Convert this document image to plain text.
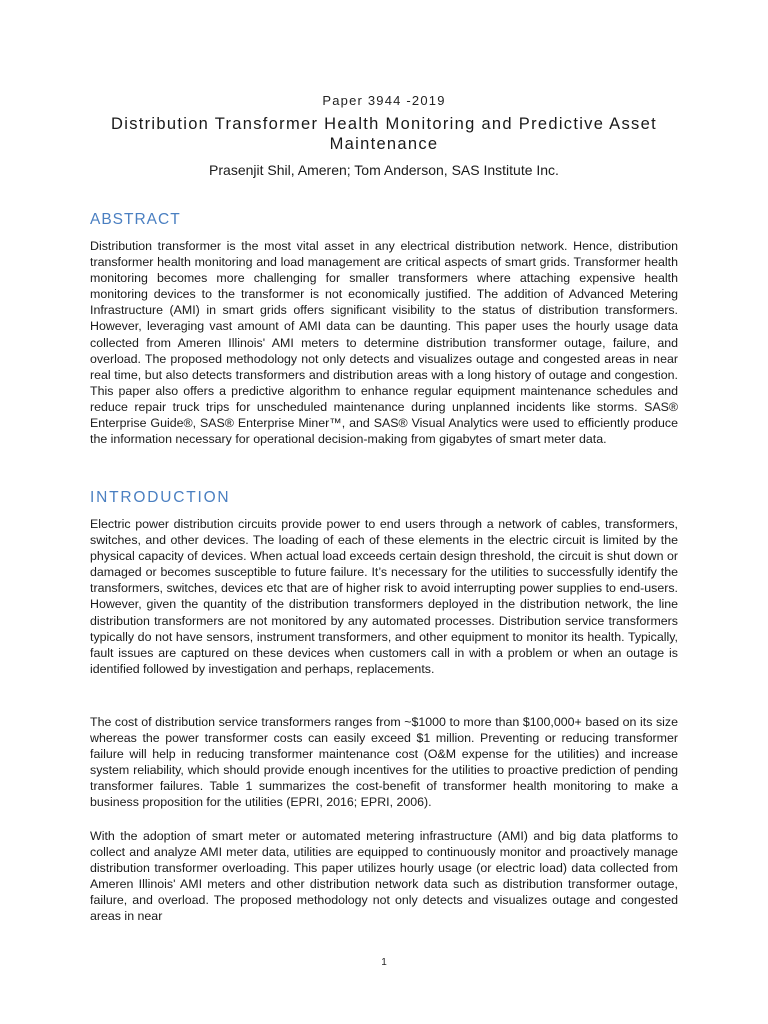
Paper 3944 -2019
Distribution Transformer Health Monitoring and Predictive Asset Maintenance
Prasenjit Shil, Ameren; Tom Anderson, SAS Institute Inc.
ABSTRACT
Distribution transformer is the most vital asset in any electrical distribution network. Hence, distribution transformer health monitoring and load management are critical aspects of smart grids. Transformer health monitoring becomes more challenging for smaller transformers where attaching expensive health monitoring devices to the transformer is not economically justified. The addition of Advanced Metering Infrastructure (AMI) in smart grids offers significant visibility to the status of distribution transformers. However, leveraging vast amount of AMI data can be daunting. This paper uses the hourly usage data collected from Ameren Illinois' AMI meters to determine distribution transformer outage, failure, and overload. The proposed methodology not only detects and visualizes outage and congested areas in near real time, but also detects transformers and distribution areas with a long history of outage and congestion. This paper also offers a predictive algorithm to enhance regular equipment maintenance schedules and reduce repair truck trips for unscheduled maintenance during unplanned incidents like storms. SAS® Enterprise Guide®, SAS® Enterprise Miner™, and SAS® Visual Analytics were used to efficiently produce the information necessary for operational decision-making from gigabytes of smart meter data.
INTRODUCTION
Electric power distribution circuits provide power to end users through a network of cables, transformers, switches, and other devices. The loading of each of these elements in the electric circuit is limited by the physical capacity of devices. When actual load exceeds certain design threshold, the circuit is shut down or damaged or becomes susceptible to future failure. It’s necessary for the utilities to successfully identify the transformers, switches, devices etc that are of higher risk to avoid interrupting power supplies to end-users. However, given the quantity of the distribution transformers deployed in the distribution network, the line distribution transformers are not monitored by any automated processes. Distribution service transformers typically do not have sensors, instrument transformers, and other equipment to monitor its health. Typically, fault issues are captured on these devices when customers call in with a problem or when an outage is identified followed by investigation and perhaps, replacements.
The cost of distribution service transformers ranges from ~$1000 to more than $100,000+ based on its size whereas the power transformer costs can easily exceed $1 million. Preventing or reducing transformer failure will help in reducing transformer maintenance cost (O&M expense for the utilities) and increase system reliability, which should provide enough incentives for the utilities to proactive prediction of pending transformer failures. Table 1 summarizes the cost-benefit of transformer health monitoring to make a business proposition for the utilities (EPRI, 2016; EPRI, 2006).
With the adoption of smart meter or automated metering infrastructure (AMI) and big data platforms to collect and analyze AMI meter data, utilities are equipped to continuously monitor and proactively manage distribution transformer overloading. This paper utilizes hourly usage (or electric load) data collected from Ameren Illinois' AMI meters and other distribution network data such as distribution transformer outage, failure, and overload. The proposed methodology not only detects and visualizes outage and congested areas in near
1
